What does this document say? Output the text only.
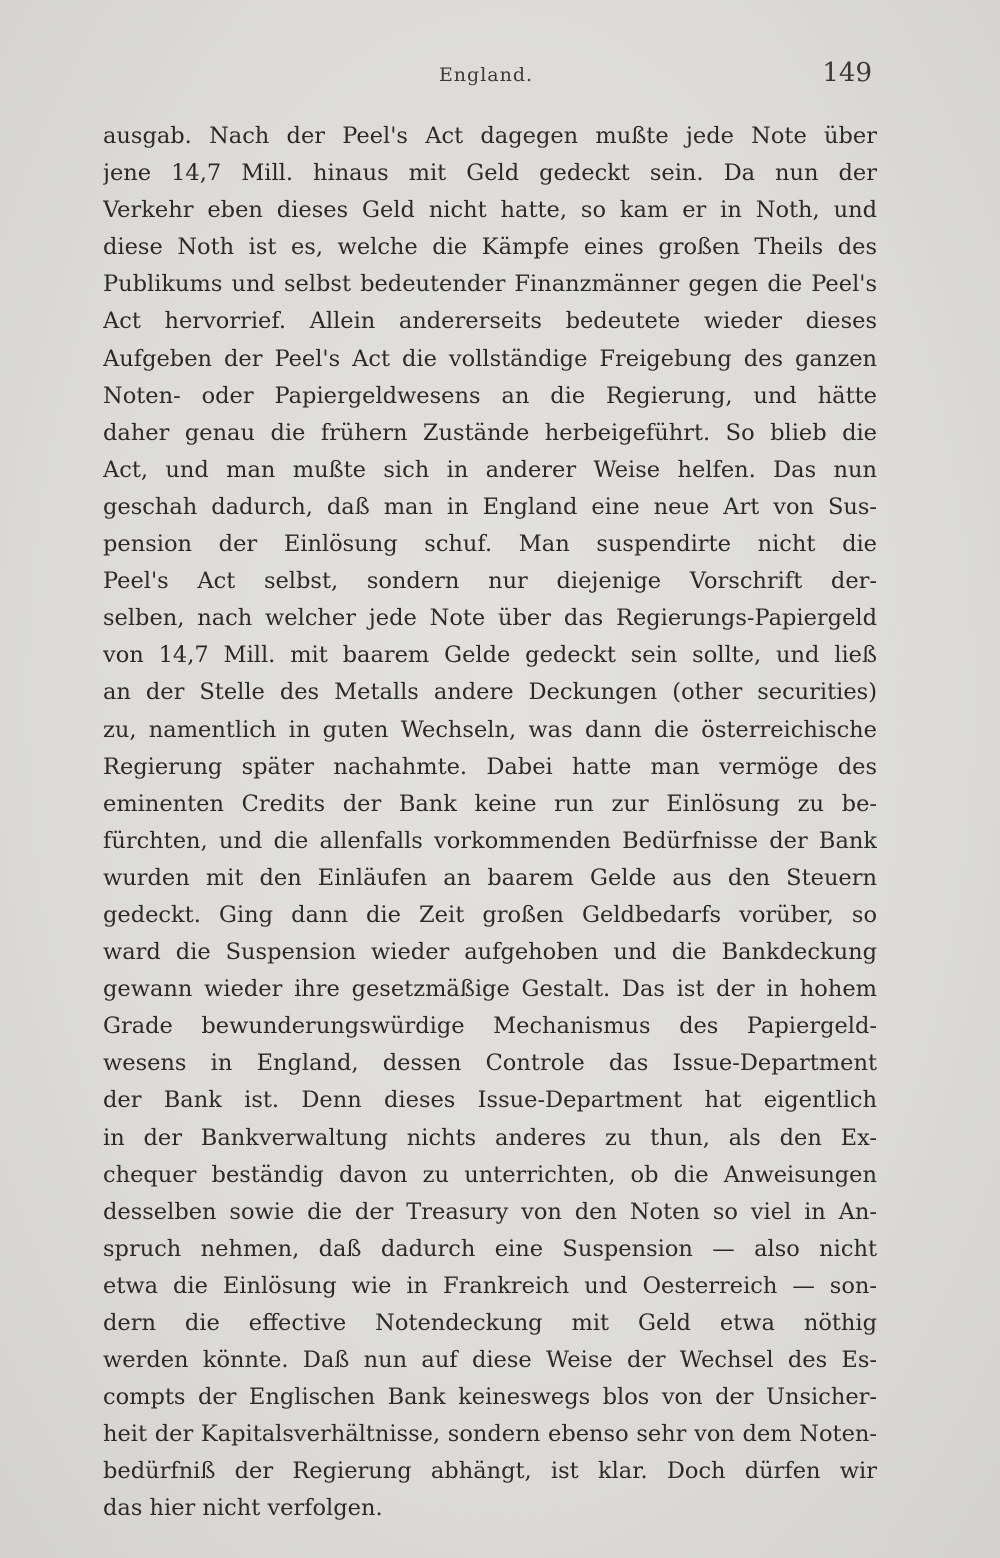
England.	149
ausgab. Nach der Peel's Act dagegen mußte jede Note über
jene 14,7 Mill. hinaus mit Geld gedeckt sein. Da nun der
Verkehr eben dieses Geld nicht hatte, so kam er in Noth, und
diese Noth ist es, welche die Kämpfe eines großen Theils des
Publikums und selbst bedeutender Finanzmänner gegen die Peel's
Act hervorrief. Allein andererseits bedeutete wieder dieses
Aufgeben der Peel's Act die vollständige Freigebung des ganzen
Noten- oder Papiergeldwesens an die Regierung, und hätte
daher genau die frühern Zustände herbeigeführt. So blieb die
Act, und man mußte sich in anderer Weise helfen. Das nun
geschah dadurch, daß man in England eine neue Art von Sus-
pension der Einlösung schuf. Man suspendirte nicht die
Peel's Act selbst, sondern nur diejenige Vorschrift der-
selben, nach welcher jede Note über das Regierungs-Papiergeld
von 14,7 Mill. mit baarem Gelde gedeckt sein sollte, und ließ
an der Stelle des Metalls andere Deckungen (other securities)
zu, namentlich in guten Wechseln, was dann die österreichische
Regierung später nachahmte. Dabei hatte man vermöge des
eminenten Credits der Bank keine run zur Einlösung zu be-
fürchten, und die allenfalls vorkommenden Bedürfnisse der Bank
wurden mit den Einläufen an baarem Gelde aus den Steuern
gedeckt. Ging dann die Zeit großen Geldbedarfs vorüber, so
ward die Suspension wieder aufgehoben und die Bankdeckung
gewann wieder ihre gesetzmäßige Gestalt. Das ist der in hohem
Grade bewunderungswürdige Mechanismus des Papiergeld-
wesens in England, dessen Controle das Issue-Department
der Bank ist. Denn dieses Issue-Department hat eigentlich
in der Bankverwaltung nichts anderes zu thun, als den Ex-
chequer beständig davon zu unterrichten, ob die Anweisungen
desselben sowie die der Treasury von den Noten so viel in An-
spruch nehmen, daß dadurch eine Suspension — also nicht
etwa die Einlösung wie in Frankreich und Oesterreich — son-
dern die effective Notendeckung mit Geld etwa nöthig
werden könnte. Daß nun auf diese Weise der Wechsel des Es-
compts der Englischen Bank keineswegs blos von der Unsicher-
heit der Kapitalsverhältnisse, sondern ebenso sehr von dem Noten-
bedürfniß der Regierung abhängt, ist klar. Doch dürfen wir
das hier nicht verfolgen.
